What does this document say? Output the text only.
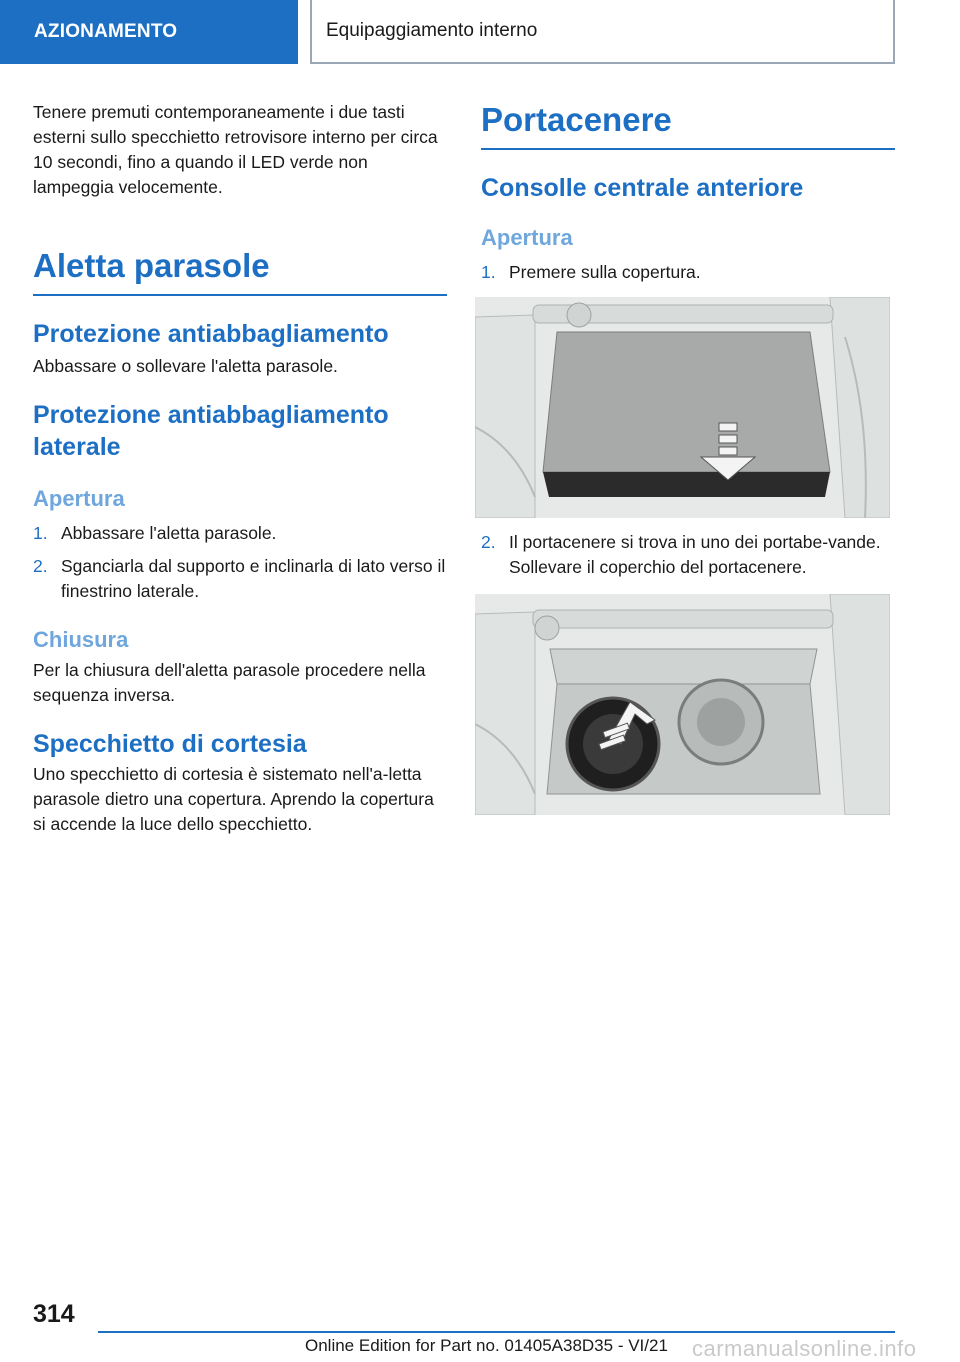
AZIONAMENTO	Equipaggiamento interno

Tenere premuti contemporaneamente i due tasti esterni sullo specchietto retrovisore interno per circa 10 secondi, fino a quando il LED verde non lampeggia velocemente.

Aletta parasole
Protezione antiabbagliamento

Abbassare o sollevare l'aletta parasole.

Protezione antiabbagliamento laterale
Apertura
1. Abbassare l'aletta parasole.
2. Sganciarla dal supporto e inclinarla di lato verso il finestrino laterale.
Chiusura

Per la chiusura dell'aletta parasole procedere nella sequenza inversa.

Specchietto di cortesia

Uno specchietto di cortesia è sistemato nell'a‐letta parasole dietro una copertura. Aprendo la copertura si accende la luce dello specchietto.

Portacenere
Consolle centrale anteriore
Apertura
1. Premere sulla copertura.
2. Il portacenere si trova in uno dei portabe‐vande. Sollevare il coperchio del portacenere.
314
Online Edition for Part no. 01405A38D35 - VI/21 carmanualsonline.info
